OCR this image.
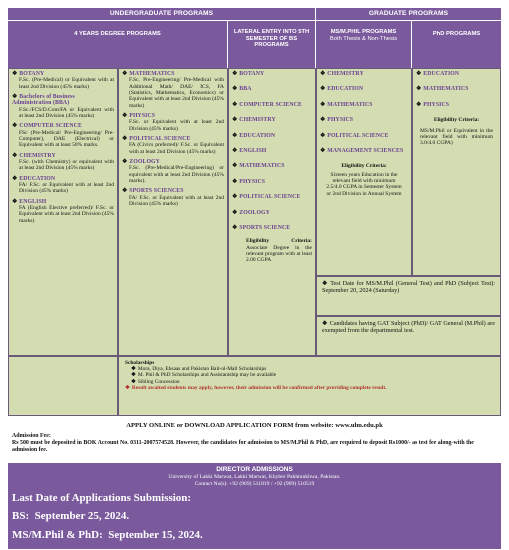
UNDERGRADUATE PROGRAMS	GRADUATE PROGRAMS
4 YEARS DEGREE PROGRAMS	LATERAL ENTRY INTO 5TH SEMESTER OF BS PROGRAMS
MS/M.PHIL PROGRAMS
Both Thesis & Non-Thesis
PhD PROGRAMS
❖ BOTANY
F.Sc. (Pre-Medical) or Equivalent with at least 2nd Division (45% marks)
❖ Bachelors of Business Administration (BBA)
F.Sc./FCS/D.Com/FA or Equivalent with at least 2nd Division (45% marks)
❖ COMPUTER SCIENCE
FSc (Pre-Medical/ Pre-Engineering/ Pre-Computer), DAE (Electrical) or Equivalent with at least 50% marks.
❖ CHEMISTRY
F.Sc. (with Chemistry) or equivalent with at least 2nd Division (45% marks)
❖ EDUCATION
FA/ F.Sc. or Equivalent with at least 2nd Division (45% marks)
❖ ENGLISH
FA (English Elective preferred)/ F.Sc. or Equivalent with at least 2nd Division (45% marks)
❖ MATHEMATICS
F.Sc. Pre-Engineering/ Pre-Medical with Additional Math/ DAE/ ICS, FA (Statistics, Mathematics, Economics) or Equivalent with at least 2nd Division (45% marks)
❖ PHYSICS
F.Sc. or Equivalent with at least 2nd Division (45% marks)
❖ POLITICAL SCIENCE
FA (Civics preferred)/ F.Sc. or Equivalent with at least 2nd Division (45% marks)
❖ ZOOLOGY
F.Sc. (Pre-Medical/Pre-Engineering) or equivalent with at least 2nd Division (45% marks).
❖ SPORTS SCIENCES
FA/ F.Sc. or Equivalent with at least 2nd Division (45% marks)
❖ BOTANY
❖ BBA
❖ COMPUTER SCIENCE
❖ CHEMISTRY
❖ EDUCATION
❖ ENGLISH
❖ MATHEMATICS
❖ PHYSICS
❖ POLITICAL SCIENCE
❖ ZOOLOGY
❖ SPORTS SCIENCE
Eligibility Criteria: Associate Degree in the relevant program with at least 2.00 CGPA
❖ CHEMISTRY
❖ EDUCATION
❖ MATHEMATICS
❖ PHYSICS
❖ POLITICAL SCIENCE
❖ MANAGEMENT SCIENCES
Eligibility Criteria:
Sixteen years Education in the relevant field with minimum 2.5/4.0 CGPA in Semester System or 2nd Division in Annual System
❖ EDUCATION
❖ MATHEMATICS
❖ PHYSICS
Eligibility Criteria:
MS/M.Phil or Equivalent in the relevant field with minimum 3.0/4.0 CGPA)
❖ Test Date for MS/M.Phil (General Test) and PhD (Subject Test): September 20, 2024 (Saturday)
❖ Candidates having GAT Subject (PhD)/ GAT General (M.Phil) are exempted from the departmental test.
Scholarships
❖ Mora, Diya, Ehsaas and Pakistan Bait-ul-Mall Scholarships
❖ M. Phil & PhD Scholarships and Assistantship may be available
❖ Sibling Concession
❖ Result awaited students may apply, however, their admission will be confirmed after providing complete result.
APPLY ONLINE or DOWNLOAD APPLICATION FORM from website: www.ulm.edu.pk
Admission Fee:
Rs 500 must be deposited in BOK Account No. 0311-2007574528. However, the candidates for admission to MS/M.Phil & PhD, are required to deposit Rs1000/- as test fee along-with the admission fee.
DIRECTOR ADMISSIONS
University of Lakki Marwat, Lakki Marwat, Khyber Pakhtunkhwa, Pakistan.
Contact No(s): +92 (969) 511819 / +92 (969) 510519
Last Date of Applications Submission:
BS:  September 25, 2024.
MS/M.Phil & PhD:  September 15, 2024.
